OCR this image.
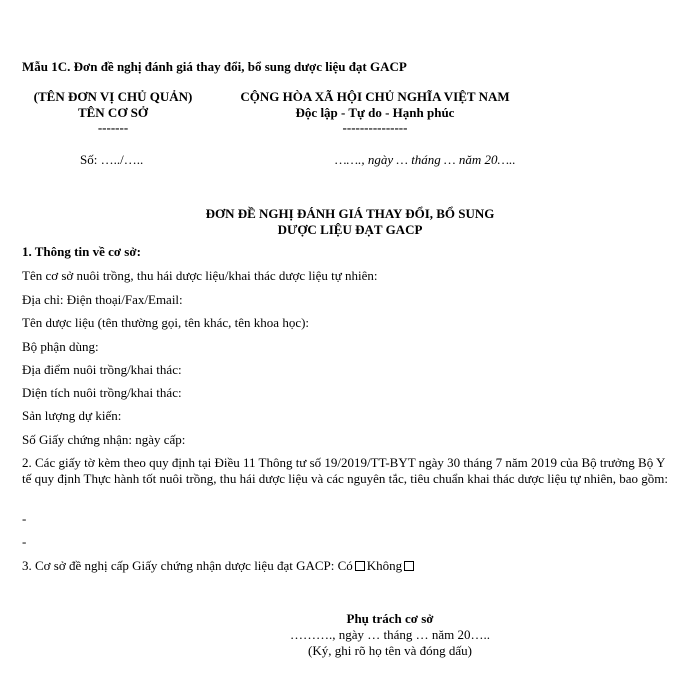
Mẫu 1C. Đơn đề nghị đánh giá thay đổi, bổ sung dược liệu đạt GACP
(TÊN ĐƠN VỊ CHỦ QUẢN)
TÊN CƠ SỞ
-------
CỘNG HÒA XÃ HỘI CHỦ NGHĨA VIỆT NAM
Độc lập - Tự do - Hạnh phúc
---------------
Số: …../…..	……., ngày … tháng … năm 20…..
ĐƠN ĐỀ NGHỊ ĐÁNH GIÁ THAY ĐỔI, BỔ SUNG
DƯỢC LIỆU ĐẠT GACP
1. Thông tin về cơ sở:
Tên cơ sở nuôi trồng, thu hái dược liệu/khai thác dược liệu tự nhiên:
Địa chỉ: Điện thoại/Fax/Email:
Tên dược liệu (tên thường gọi, tên khác, tên khoa học):
Bộ phận dùng:
Địa điểm nuôi trồng/khai thác:
Diện tích nuôi trồng/khai thác:
Sản lượng dự kiến:
Số Giấy chứng nhận: ngày cấp:
2. Các giấy tờ kèm theo quy định tại Điều 11 Thông tư số 19/2019/TT-BYT ngày 30 tháng 7 năm 2019 của Bộ trưởng Bộ Y tế quy định Thực hành tốt nuôi trồng, thu hái dược liệu và các nguyên tắc, tiêu chuẩn khai thác dược liệu tự nhiên, bao gồm:
-
-
3. Cơ sở đề nghị cấp Giấy chứng nhận dược liệu đạt GACP: Có Không
Phụ trách cơ sở
………., ngày … tháng … năm 20…..
(Ký, ghi rõ họ tên và đóng dấu)
